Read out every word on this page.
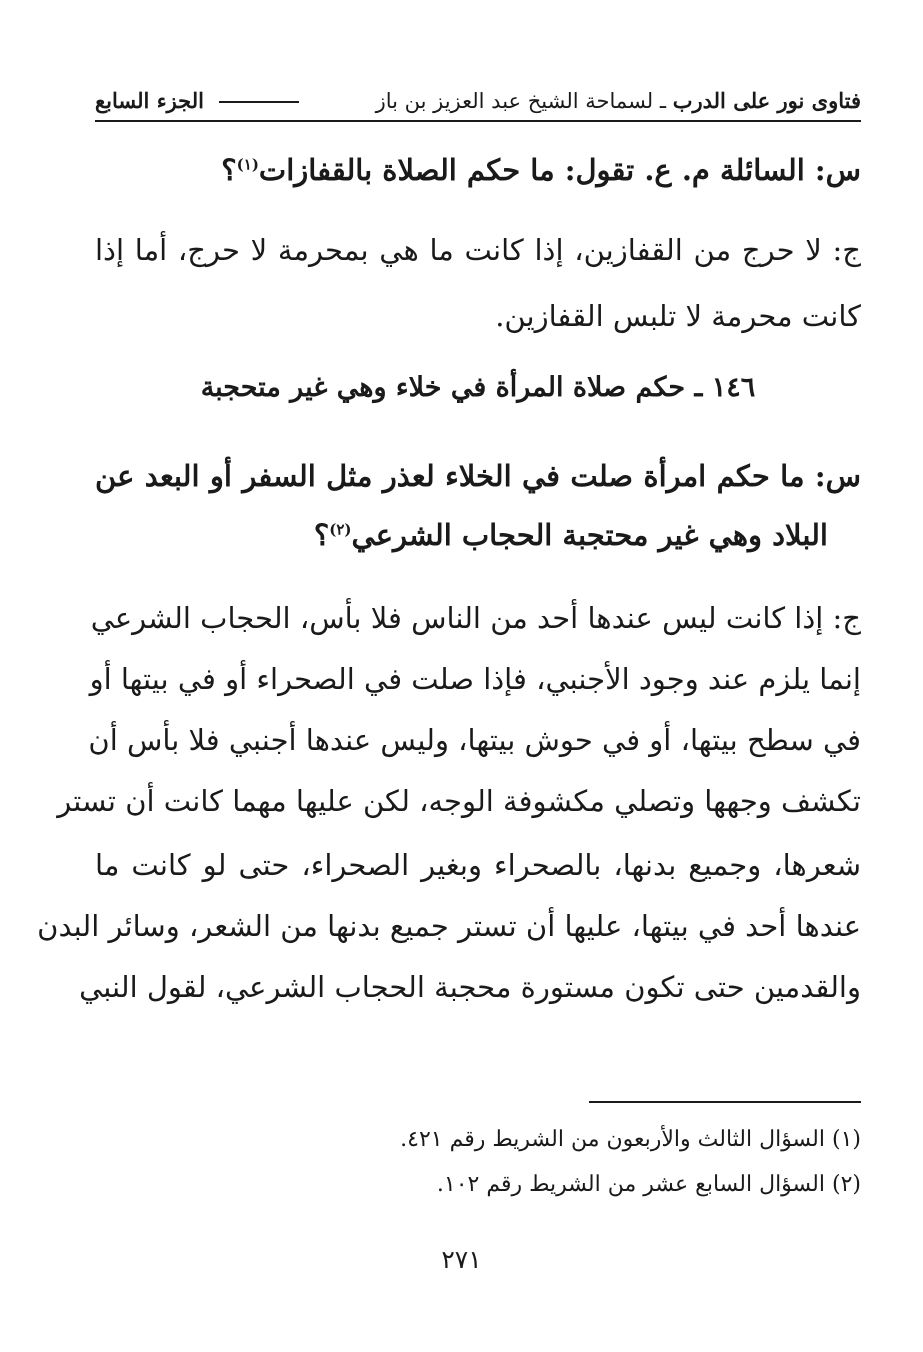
فتاوى نور على الدرب ـ لسماحة الشيخ عبد العزيز بن باز
الجزء السابع
س: السائلة م. ع. تقول: ما حكم الصلاة بالقفازات$^{(١)}$؟
ج: لا حرج من القفازين، إذا كانت ما هي بمحرمة لا حرج، أما إذا
كانت محرمة لا تلبس القفازين.
١٤٦ ـ حكم صلاة المرأة في خلاء وهي غير متحجبة
س: ما حكم امرأة صلت في الخلاء لعذر مثل السفر أو البعد عن
البلاد وهي غير محتجبة الحجاب الشرعي$^{(٢)}$؟
ج: إذا كانت ليس عندها أحد من الناس فلا بأس، الحجاب الشرعي
إنما يلزم عند وجود الأجنبي، فإذا صلت في الصحراء أو في بيتها أو
في سطح بيتها، أو في حوش بيتها، وليس عندها أجنبي فلا بأس أن
تكشف وجهها وتصلي مكشوفة الوجه، لكن عليها مهما كانت أن تستر
شعرها، وجميع بدنها، بالصحراء وبغير الصحراء، حتى لو كانت ما
عندها أحد في بيتها، عليها أن تستر جميع بدنها من الشعر، وسائر البدن
والقدمين حتى تكون مستورة محجبة الحجاب الشرعي، لقول النبي
(١) السؤال الثالث والأربعون من الشريط رقم ٤٢١.
(٢) السؤال السابع عشر من الشريط رقم ١٠٢.
٢٧١
